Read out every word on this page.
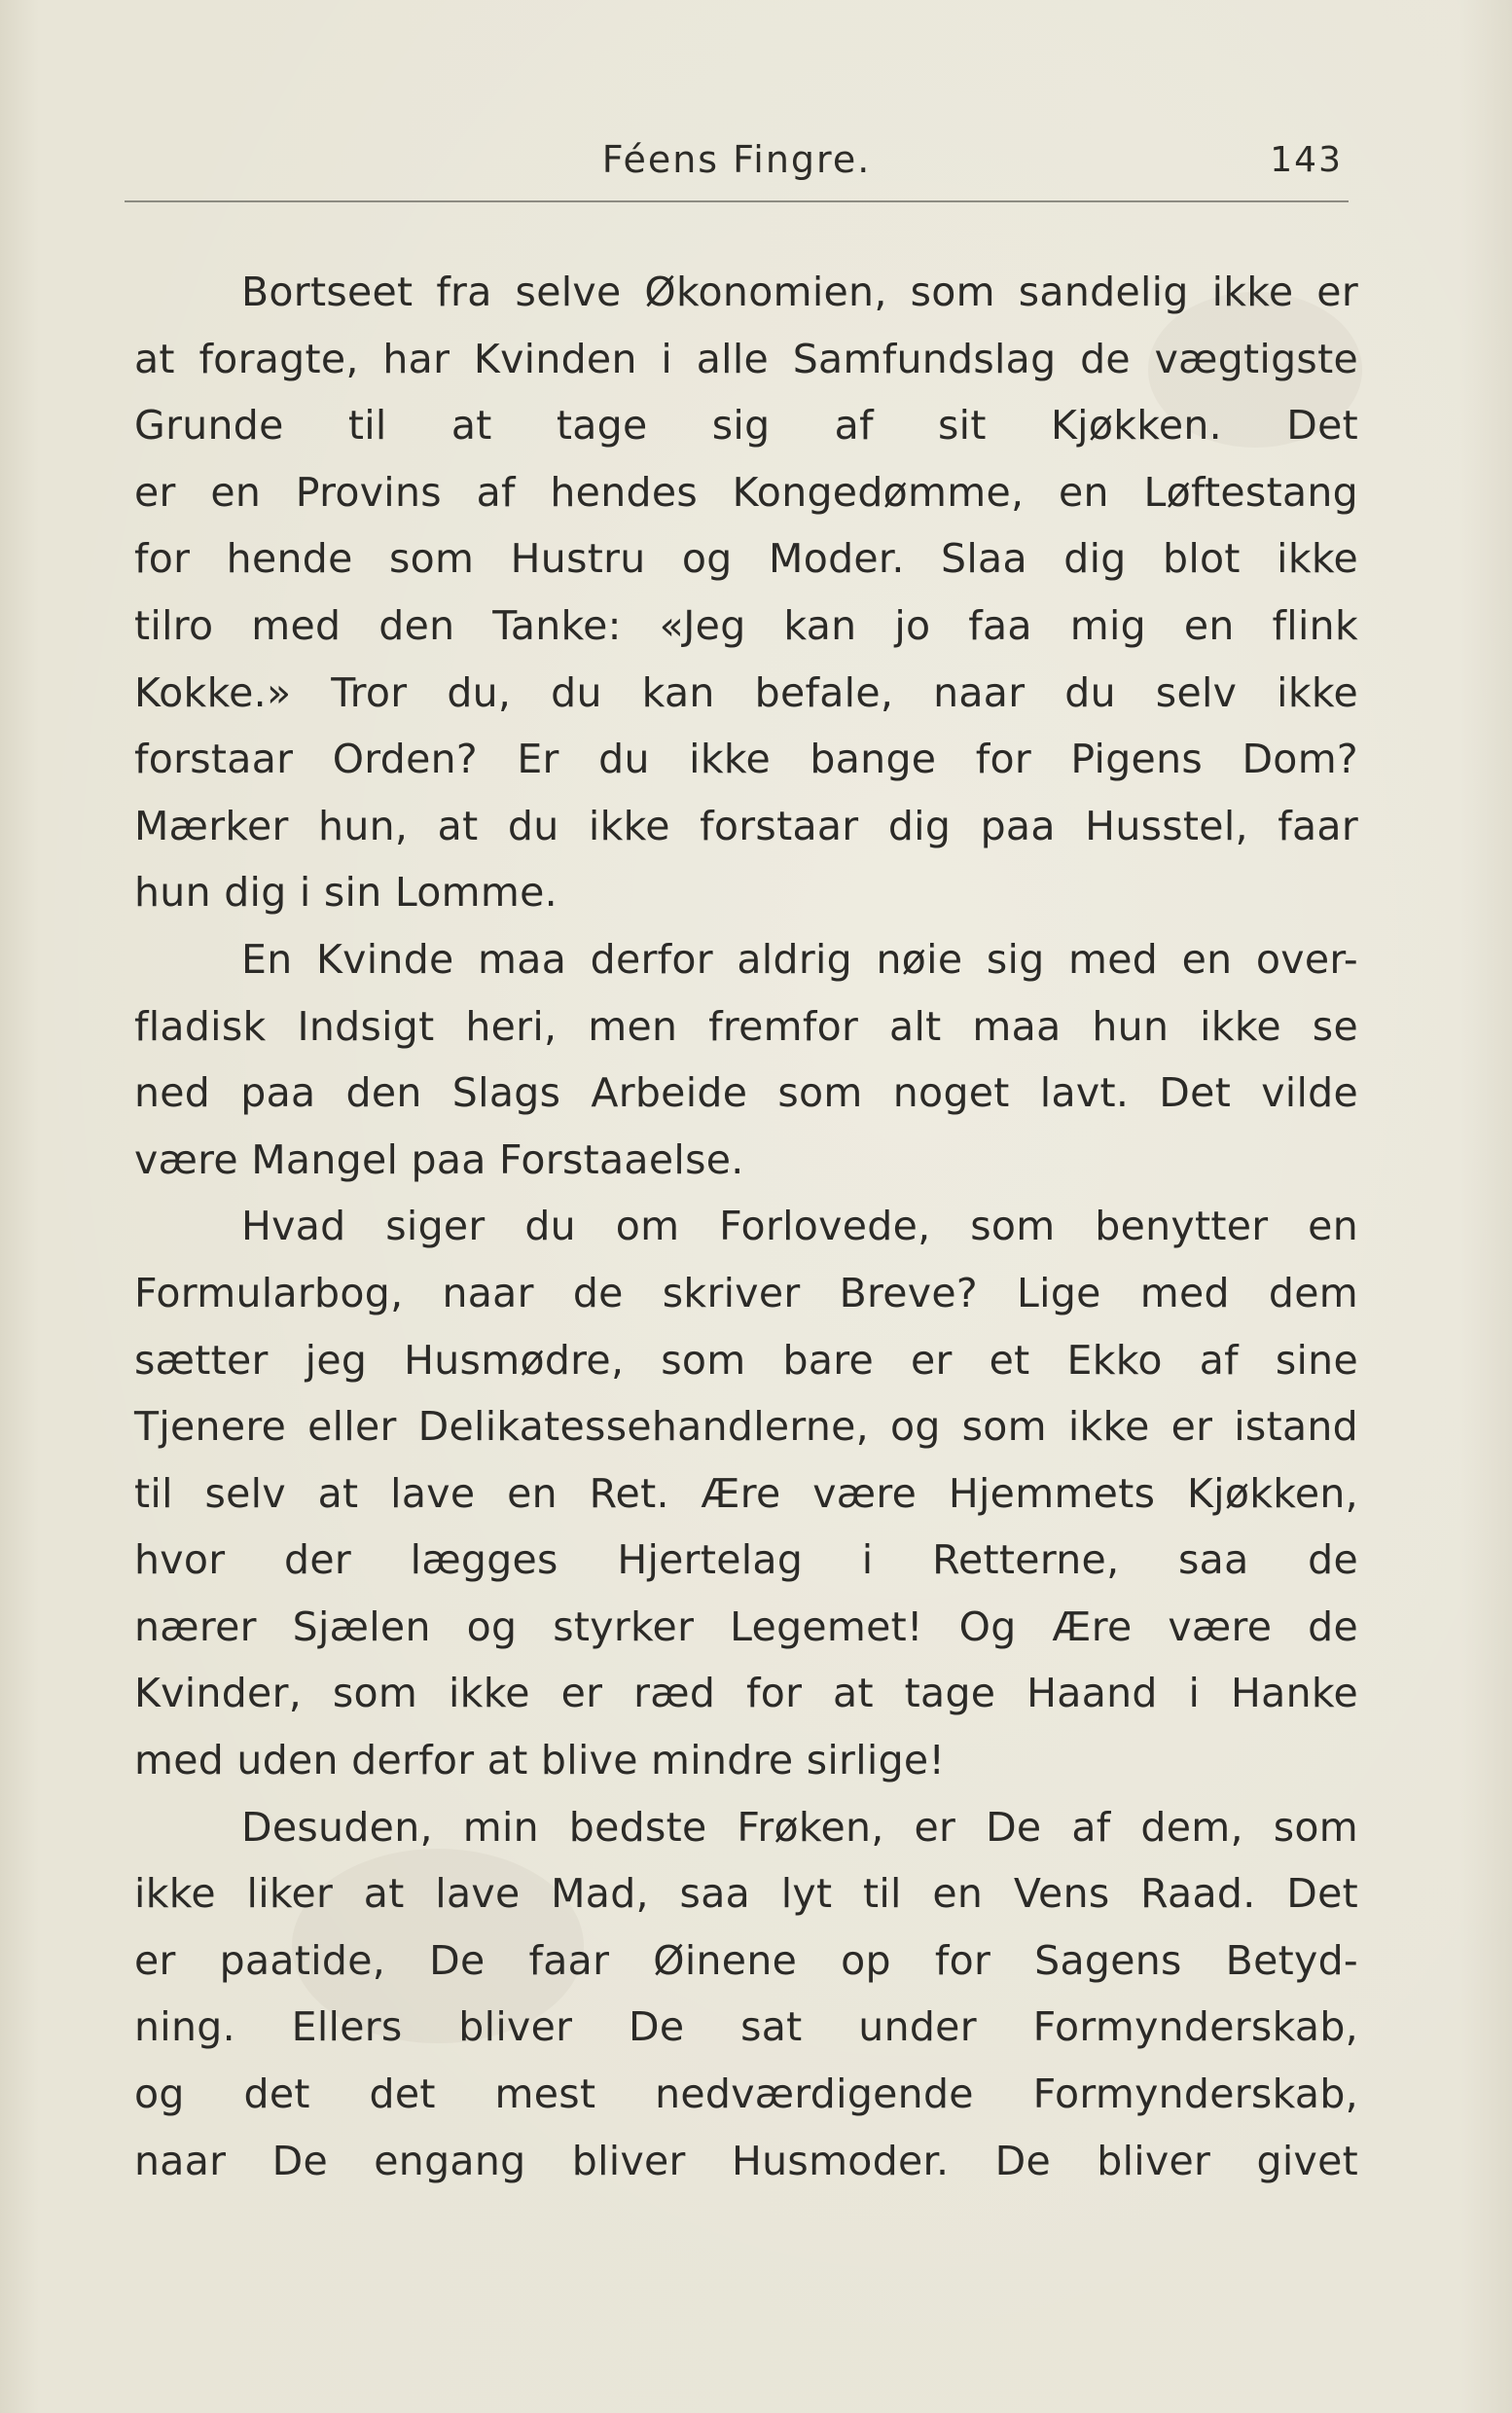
Féens Fingre.	143
Bortseet fra selve Økonomien, som sandelig ikke er
at foragte, har Kvinden i alle Samfundslag de vægtigste
Grunde til at tage sig af sit Kjøkken. Det
er en Provins af hendes Kongedømme, en Løftestang
for hende som Hustru og Moder. Slaa dig blot ikke
tilro med den Tanke: «Jeg kan jo faa mig en flink
Kokke.» Tror du, du kan befale, naar du selv ikke
forstaar Orden? Er du ikke bange for Pigens Dom?
Mærker hun, at du ikke forstaar dig paa Husstel, faar
hun dig i sin Lomme.
En Kvinde maa derfor aldrig nøie sig med en over-
fladisk Indsigt heri, men fremfor alt maa hun ikke se
ned paa den Slags Arbeide som noget lavt. Det vilde
være Mangel paa Forstaaelse.
Hvad siger du om Forlovede, som benytter en
Formularbog, naar de skriver Breve? Lige med dem
sætter jeg Husmødre, som bare er et Ekko af sine
Tjenere eller Delikatessehandlerne, og som ikke er istand
til selv at lave en Ret. Ære være Hjemmets Kjøkken,
hvor der lægges Hjertelag i Retterne, saa de
nærer Sjælen og styrker Legemet! Og Ære være de
Kvinder, som ikke er ræd for at tage Haand i Hanke
med uden derfor at blive mindre sirlige!
Desuden, min bedste Frøken, er De af dem, som
ikke liker at lave Mad, saa lyt til en Vens Raad. Det
er paatide, De faar Øinene op for Sagens Betyd-
ning. Ellers bliver De sat under Formynderskab,
og det det mest nedværdigende Formynderskab,
naar De engang bliver Husmoder. De bliver givet
